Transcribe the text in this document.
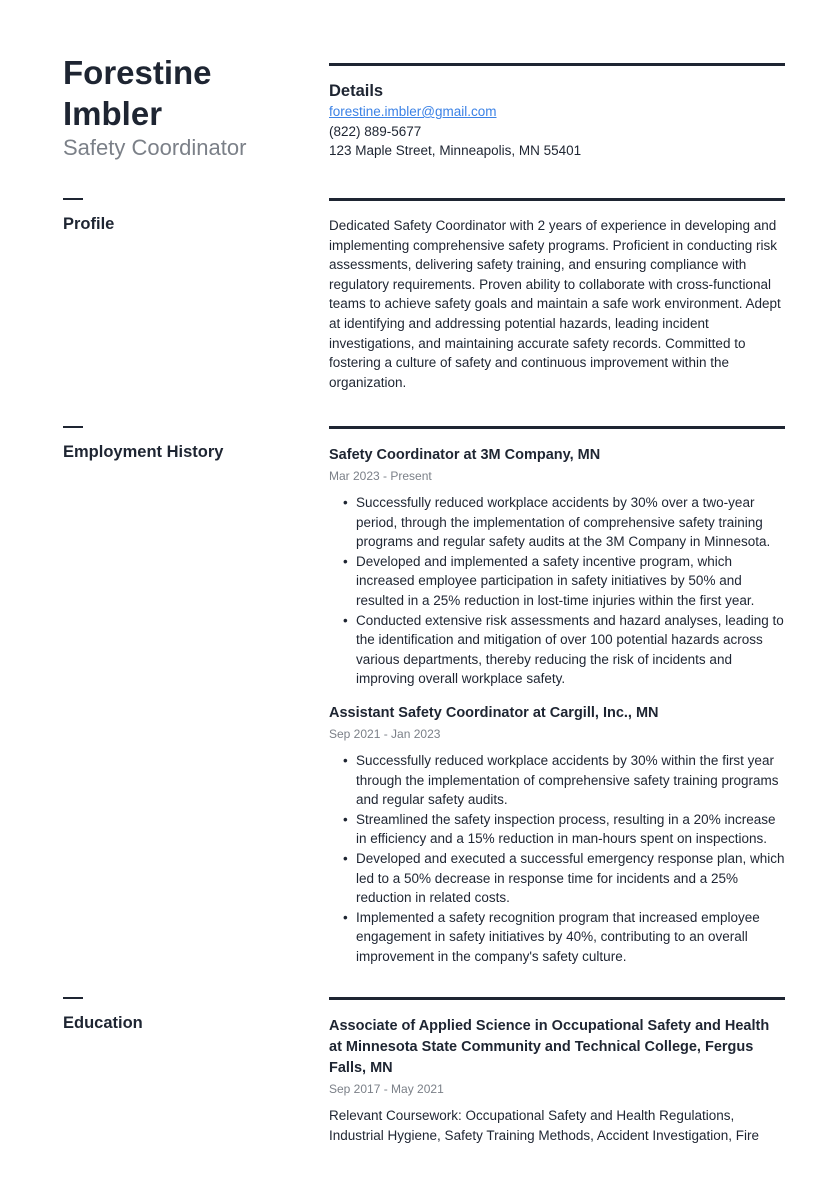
Forestine Imbler
Safety Coordinator
Details
forestine.imbler@gmail.com
(822) 889-5677
123 Maple Street, Minneapolis, MN 55401
Profile	Dedicated Safety Coordinator with 2 years of experience in developing and implementing comprehensive safety programs. Proficient in conducting risk assessments, delivering safety training, and ensuring compliance with regulatory requirements. Proven ability to collaborate with cross-functional teams to achieve safety goals and maintain a safe work environment. Adept at identifying and addressing potential hazards, leading incident investigations, and maintaining accurate safety records. Committed to fostering a culture of safety and continuous improvement within the organization.
Employment History	Safety Coordinator at 3M Company, MN
Mar 2023 - Present
• Successfully reduced workplace accidents by 30% over a two-year period, through the implementation of comprehensive safety training programs and regular safety audits at the 3M Company in Minnesota.
• Developed and implemented a safety incentive program, which increased employee participation in safety initiatives by 50% and resulted in a 25% reduction in lost-time injuries within the first year.
• Conducted extensive risk assessments and hazard analyses, leading to the identification and mitigation of over 100 potential hazards across various departments, thereby reducing the risk of incidents and improving overall workplace safety.
Assistant Safety Coordinator at Cargill, Inc., MN
Sep 2021 - Jan 2023
• Successfully reduced workplace accidents by 30% within the first year through the implementation of comprehensive safety training programs and regular safety audits.
• Streamlined the safety inspection process, resulting in a 20% increase in efficiency and a 15% reduction in man-hours spent on inspections.
• Developed and executed a successful emergency response plan, which led to a 50% decrease in response time for incidents and a 25% reduction in related costs.
• Implemented a safety recognition program that increased employee engagement in safety initiatives by 40%, contributing to an overall improvement in the company's safety culture.
Education	Associate of Applied Science in Occupational Safety and Health at Minnesota State Community and Technical College, Fergus Falls, MN
Sep 2017 - May 2021
Relevant Coursework: Occupational Safety and Health Regulations, Industrial Hygiene, Safety Training Methods, Accident Investigation, Fire
